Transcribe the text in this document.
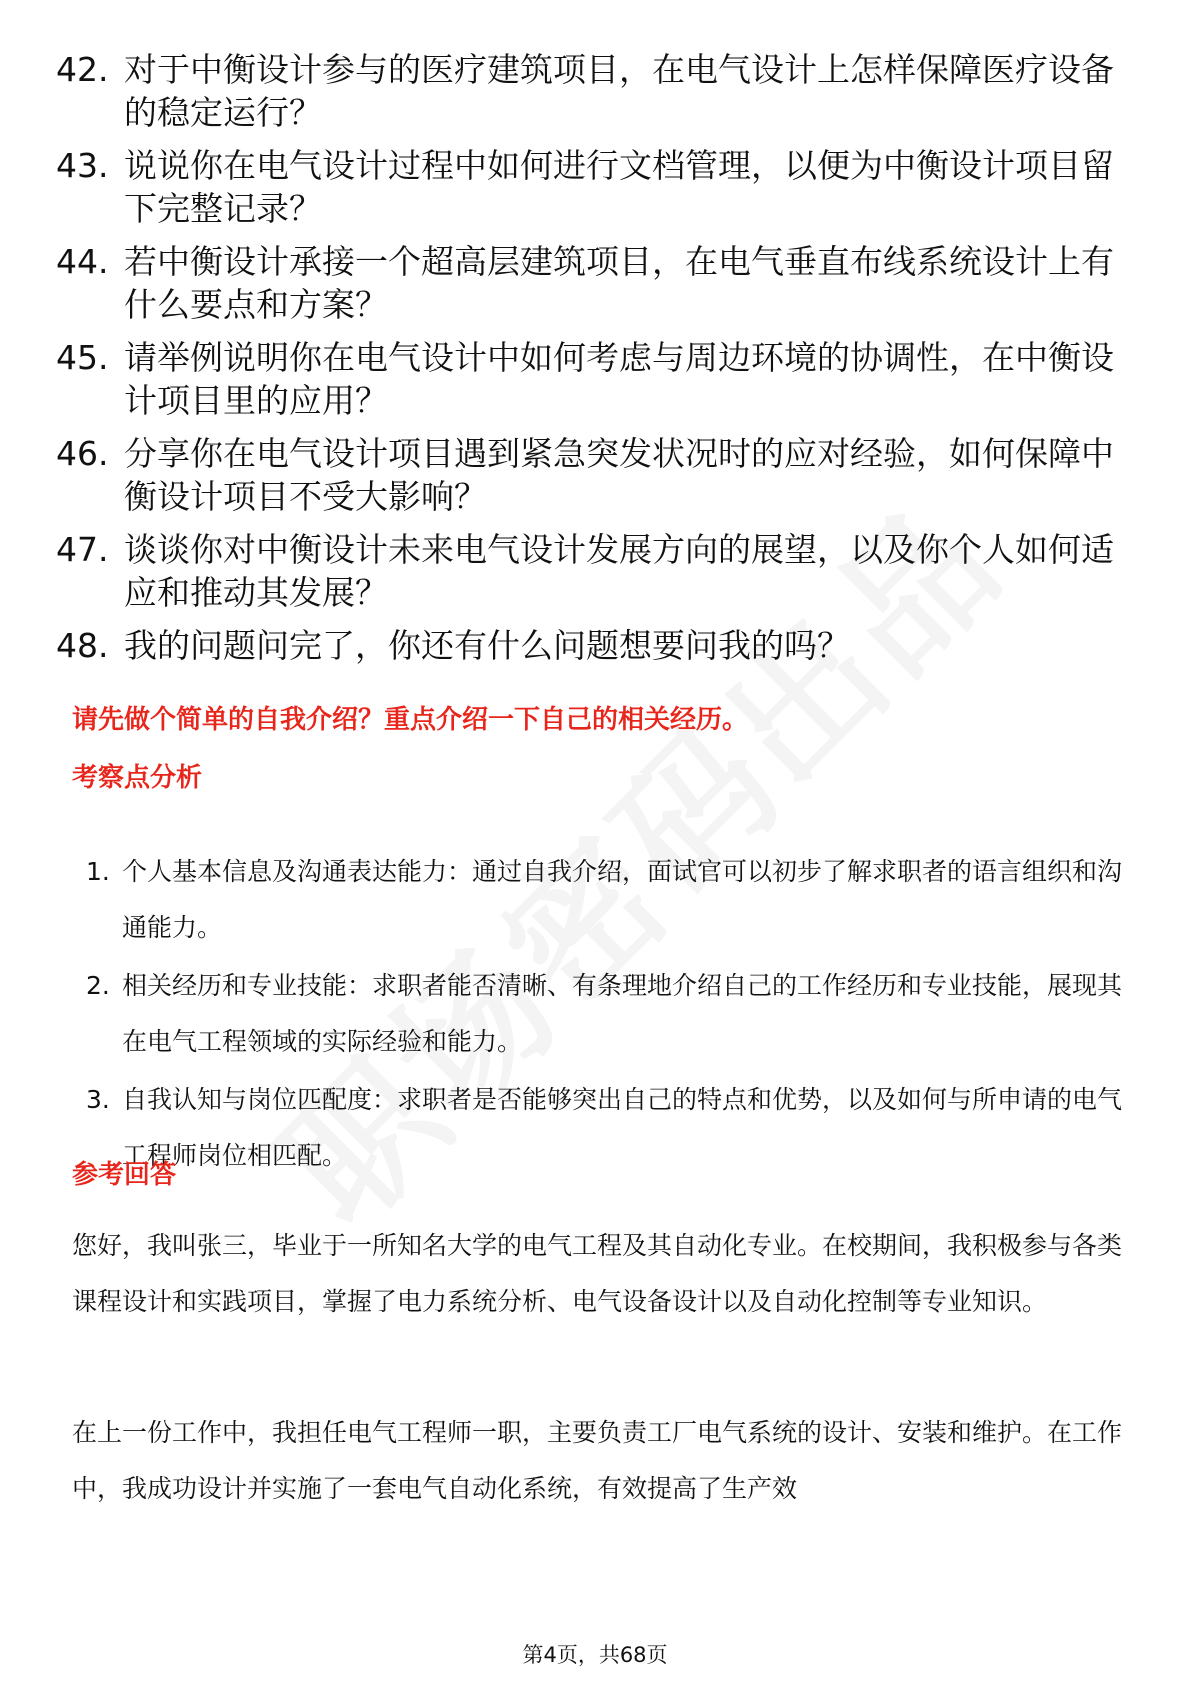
42. 对于中衡设计参与的医疗建筑项目，在电气设计上怎样保障医疗设备的稳定运行？
43. 说说你在电气设计过程中如何进行文档管理，以便为中衡设计项目留下完整记录？
44. 若中衡设计承接一个超高层建筑项目，在电气垂直布线系统设计上有什么要点和方案？
45. 请举例说明你在电气设计中如何考虑与周边环境的协调性，在中衡设计项目里的应用？
46. 分享你在电气设计项目遇到紧急突发状况时的应对经验，如何保障中衡设计项目不受大影响？
47. 谈谈你对中衡设计未来电气设计发展方向的展望，以及你个人如何适应和推动其发展？
48. 我的问题问完了，你还有什么问题想要问我的吗？
请先做个简单的自我介绍？重点介绍一下自己的相关经历。
考察点分析
1. 个人基本信息及沟通表达能力：通过自我介绍，面试官可以初步了解求职者的语言组织和沟通能力。
2. 相关经历和专业技能：求职者能否清晰、有条理地介绍自己的工作经历和专业技能，展现其在电气工程领域的实际经验和能力。
3. 自我认知与岗位匹配度：求职者是否能够突出自己的特点和优势，以及如何与所申请的电气工程师岗位相匹配。
参考回答

您好，我叫张三，毕业于一所知名大学的电气工程及其自动化专业。在校期间，我积极参与各类课程设计和实践项目，掌握了电力系统分析、电气设备设计以及自动化控制等专业知识。

在上一份工作中，我担任电气工程师一职，主要负责工厂电气系统的设计、安装和维护。在工作中，我成功设计并实施了一套电气自动化系统，有效提高了生产效

第4页，共68页
